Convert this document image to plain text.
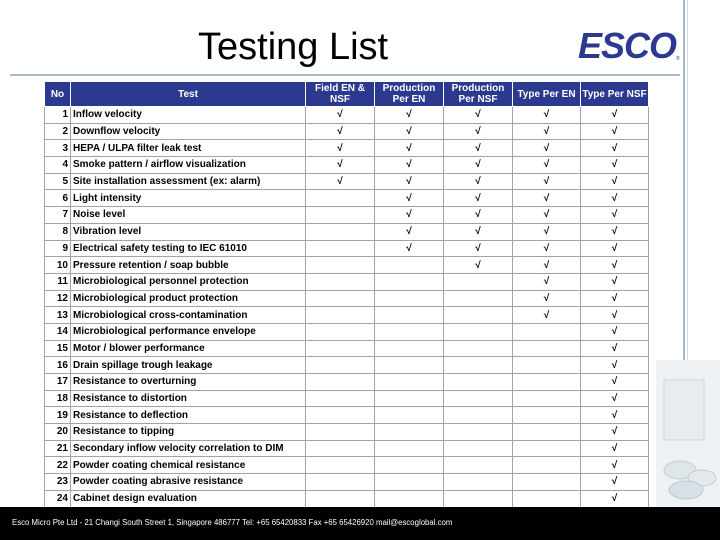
Testing List	ESCO ®
No	Test	Field EN & NSF	Production Per EN	Production Per NSF	Type Per EN	Type Per NSF
1	Inflow velocity	√	√	√	√	√
2	Downflow velocity	√	√	√	√	√
3	HEPA / ULPA filter leak test	√	√	√	√	√
4	Smoke pattern / airflow visualization	√	√	√	√	√
5	Site installation assessment (ex: alarm)	√	√	√	√	√
6	Light intensity		√	√	√	√
7	Noise level		√	√	√	√
8	Vibration level		√	√	√	√
9	Electrical safety testing to IEC 61010		√	√	√	√
10	Pressure retention / soap bubble			√	√	√
11	Microbiological personnel protection				√	√
12	Microbiological product protection				√	√
13	Microbiological cross-contamination				√	√
14	Microbiological performance envelope					√
15	Motor / blower performance					√
16	Drain spillage trough leakage					√
17	Resistance to overturning					√
18	Resistance to distortion					√
19	Resistance to deflection					√
20	Resistance to tipping					√
21	Secondary inflow velocity correlation to DIM					√
22	Powder coating chemical resistance					√
23	Powder coating abrasive resistance					√
24	Cabinet design evaluation					√
Esco Micro Pte Ltd - 21 Changi South Street 1, Singapore 486777 Tel: +65 65420833 Fax +65 65426920 mail@escoglobal.com
